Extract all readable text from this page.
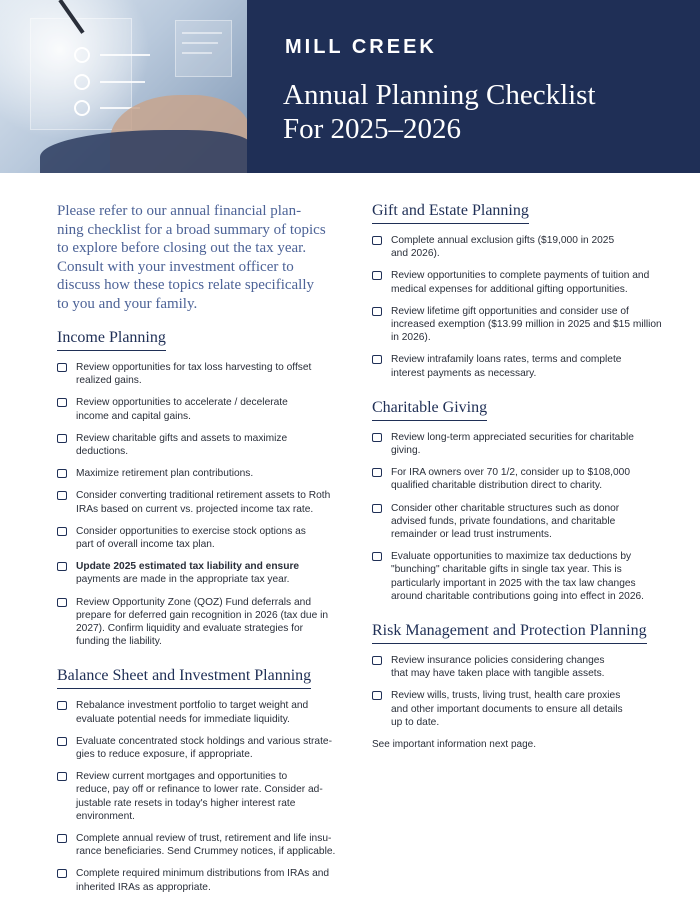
MILL CREEK
Annual Planning Checklist
For 2025–2026
Please refer to our annual financial plan-
ning checklist for a broad summary of topics
to explore before closing out the tax year.
Consult with your investment officer to
discuss how these topics relate specifically
to you and your family.
Income Planning
Review opportunities for tax loss harvesting to offset
realized gains.
Review opportunities to accelerate / decelerate
income and capital gains.
Review charitable gifts and assets to maximize
deductions.
Maximize retirement plan contributions.
Consider converting traditional retirement assets to Roth
IRAs based on current vs. projected income tax rate.
Consider opportunities to exercise stock options as
part of overall income tax plan.
Update 2025 estimated tax liability and ensure
payments are made in the appropriate tax year.
Review Opportunity Zone (QOZ) Fund deferrals and
prepare for deferred gain recognition in 2026 (tax due in
2027). Confirm liquidity and evaluate strategies for
funding the liability.
Balance Sheet and Investment Planning
Rebalance investment portfolio to target weight and
evaluate potential needs for immediate liquidity.
Evaluate concentrated stock holdings and various strate-
gies to reduce exposure, if appropriate.
Review current mortgages and opportunities to
reduce, pay off or refinance to lower rate. Consider ad-
justable rate resets in today's higher interest rate
environment.
Complete annual review of trust, retirement and life insu-
rance beneficiaries. Send Crummey notices, if applicable.
Complete required minimum distributions from IRAs and
inherited IRAs as appropriate.
Gift and Estate Planning
Complete annual exclusion gifts ($19,000 in 2025
and 2026).
Review opportunities to complete payments of tuition and
medical expenses for additional gifting opportunities.
Review lifetime gift opportunities and consider use of
increased exemption ($13.99 million in 2025 and $15 million
in 2026).
Review intrafamily loans rates, terms and complete
interest payments as necessary.
Charitable Giving
Review long-term appreciated securities for charitable
giving.
For IRA owners over 70 1/2, consider up to $108,000
qualified charitable distribution direct to charity.
Consider other charitable structures such as donor
advised funds, private foundations, and charitable
remainder or lead trust instruments.
Evaluate opportunities to maximize tax deductions by
"bunching" charitable gifts in single tax year. This is
particularly important in 2025 with the tax law changes
around charitable contributions going into effect in 2026.
Risk Management and Protection Planning
Review insurance policies considering changes
that may have taken place with tangible assets.
Review wills, trusts, living trust, health care proxies
and other important documents to ensure all details
up to date.
See important information next page.
